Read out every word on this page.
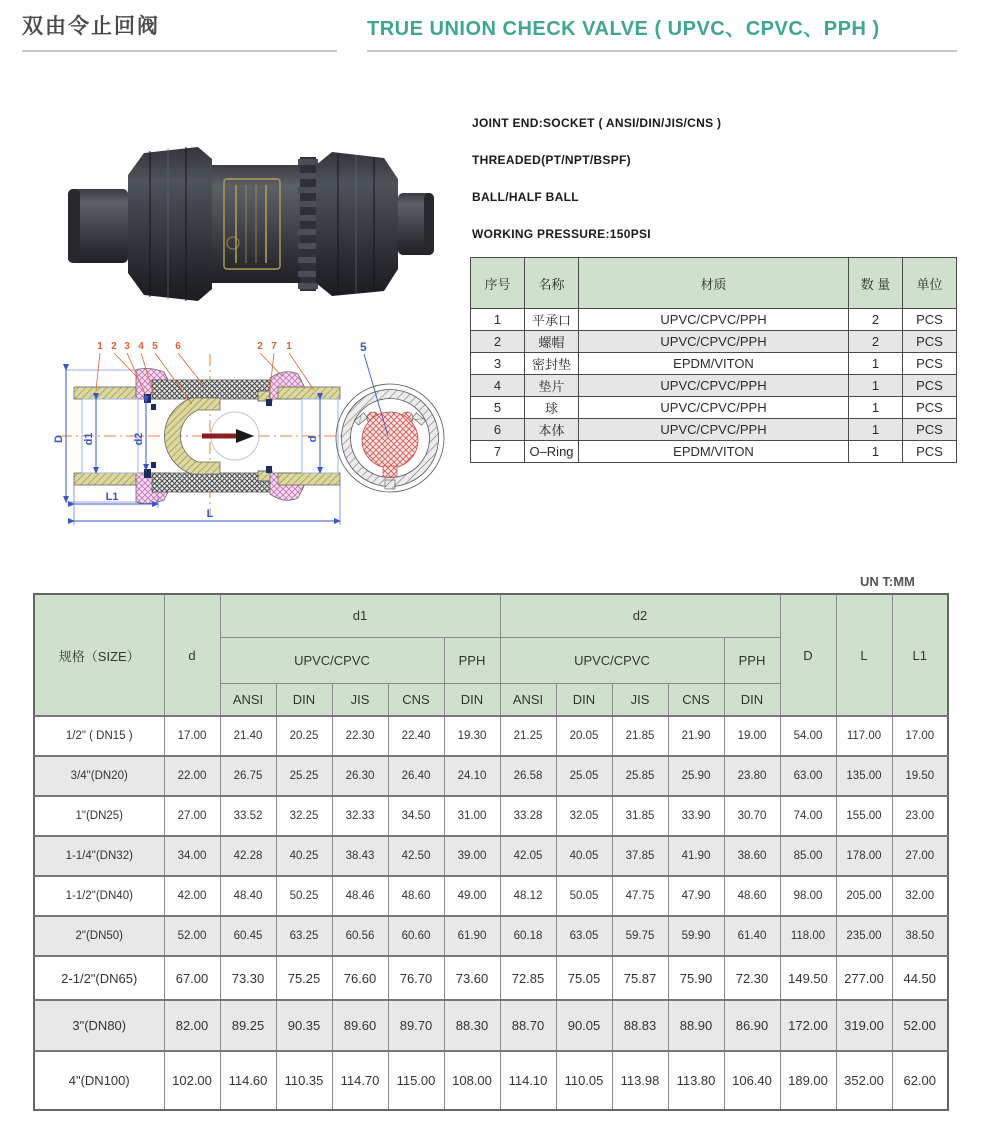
双由令止回阀	TRUE UNION CHECK VALVE ( UPVC、CPVC、PPH )
JOINT END:SOCKET ( ANSI/DIN/JIS/CNS )
THREADED(PT/NPT/BSPF)
BALL/HALF BALL
WORKING PRESSURE:150PSI
序号	名称	材质	数 量	单位
1	平承口	UPVC/CPVC/PPH	2	PCS
2	螺帽	UPVC/CPVC/PPH	2	PCS
3	密封垫	EPDM/VITON	1	PCS
4	垫片	UPVC/CPVC/PPH	1	PCS
5	球	UPVC/CPVC/PPH	1	PCS
6	本体	UPVC/CPVC/PPH	1	PCS
7	O–Ring	EPDM/VITON	1	PCS
D d1	d2	d
L1
L
1 2 3 4 5 6	2 7 1	5
UN T:MM
规格（SIZE）	d	d1					d2					D	L	L1
		UPVC/CPVC				PPH	UPVC/CPVC				PPH			
		ANSI	DIN	JIS	CNS	DIN	ANSI	DIN	JIS	CNS	DIN			
1/2" ( DN15 )	17.00	21.40	20.25	22.30	22.40	19.30	21.25	20.05	21.85	21.90	19.00	54.00	117.00	17.00
3/4"(DN20)	22.00	26.75	25.25	26.30	26.40	24.10	26.58	25.05	25.85	25.90	23.80	63.00	135.00	19.50
1"(DN25)	27.00	33.52	32.25	32.33	34.50	31.00	33.28	32.05	31.85	33.90	30.70	74.00	155.00	23.00
1-1/4"(DN32)	34.00	42.28	40.25	38.43	42.50	39.00	42.05	40.05	37.85	41.90	38.60	85.00	178.00	27.00
1-1/2"(DN40)	42.00	48.40	50.25	48.46	48.60	49.00	48.12	50.05	47.75	47.90	48.60	98.00	205.00	32.00
2"(DN50)	52.00	60.45	63.25	60.56	60.60	61.90	60.18	63.05	59.75	59.90	61.40	118.00	235.00	38.50
2-1/2"(DN65)	67.00	73.30	75.25	76.60	76.70	73.60	72.85	75.05	75.87	75.90	72.30	149.50	277.00	44.50
3"(DN80)	82.00	89.25	90.35	89.60	89.70	88.30	88.70	90.05	88.83	88.90	86.90	172.00	319.00	52.00
4"(DN100)	102.00	114.60	110.35	114.70	115.00	108.00	114.10	110.05	113.98	113.80	106.40	189.00	352.00	62.00
